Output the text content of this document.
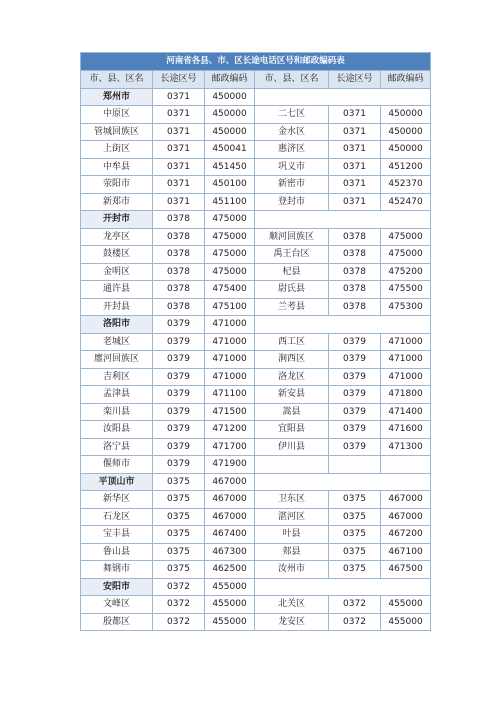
河南省各县、市、区长途电话区号和邮政编码表					
市、县、区名	长途区号	邮政编码	市、县、区名	长途区号	邮政编码
郑州市	0371	450000			
中原区	0371	450000	二七区	0371	450000
管城回族区	0371	450000	金水区	0371	450000
上街区	0371	450041	惠济区	0371	450000
中牟县	0371	451450	巩义市	0371	451200
荥阳市	0371	450100	新密市	0371	452370
新郑市	0371	451100	登封市	0371	452470
开封市	0378	475000			
龙亭区	0378	475000	顺河回族区	0378	475000
鼓楼区	0378	475000	禹王台区	0378	475000
金明区	0378	475000	杞县	0378	475200
通许县	0378	475400	尉氏县	0378	475500
开封县	0378	475100	兰考县	0378	475300
洛阳市	0379	471000			
老城区	0379	471000	西工区	0379	471000
廛河回族区	0379	471000	涧西区	0379	471000
吉利区	0379	471000	洛龙区	0379	471000
孟津县	0379	471100	新安县	0379	471800
栾川县	0379	471500	嵩县	0379	471400
汝阳县	0379	471200	宜阳县	0379	471600
洛宁县	0379	471700	伊川县	0379	471300
偃师市	0379	471900			
平顶山市	0375	467000			
新华区	0375	467000	卫东区	0375	467000
石龙区	0375	467000	湛河区	0375	467000
宝丰县	0375	467400	叶县	0375	467200
鲁山县	0375	467300	郏县	0375	467100
舞钢市	0375	462500	汝州市	0375	467500
安阳市	0372	455000			
文峰区	0372	455000	北关区	0372	455000
殷都区	0372	455000	龙安区	0372	455000
